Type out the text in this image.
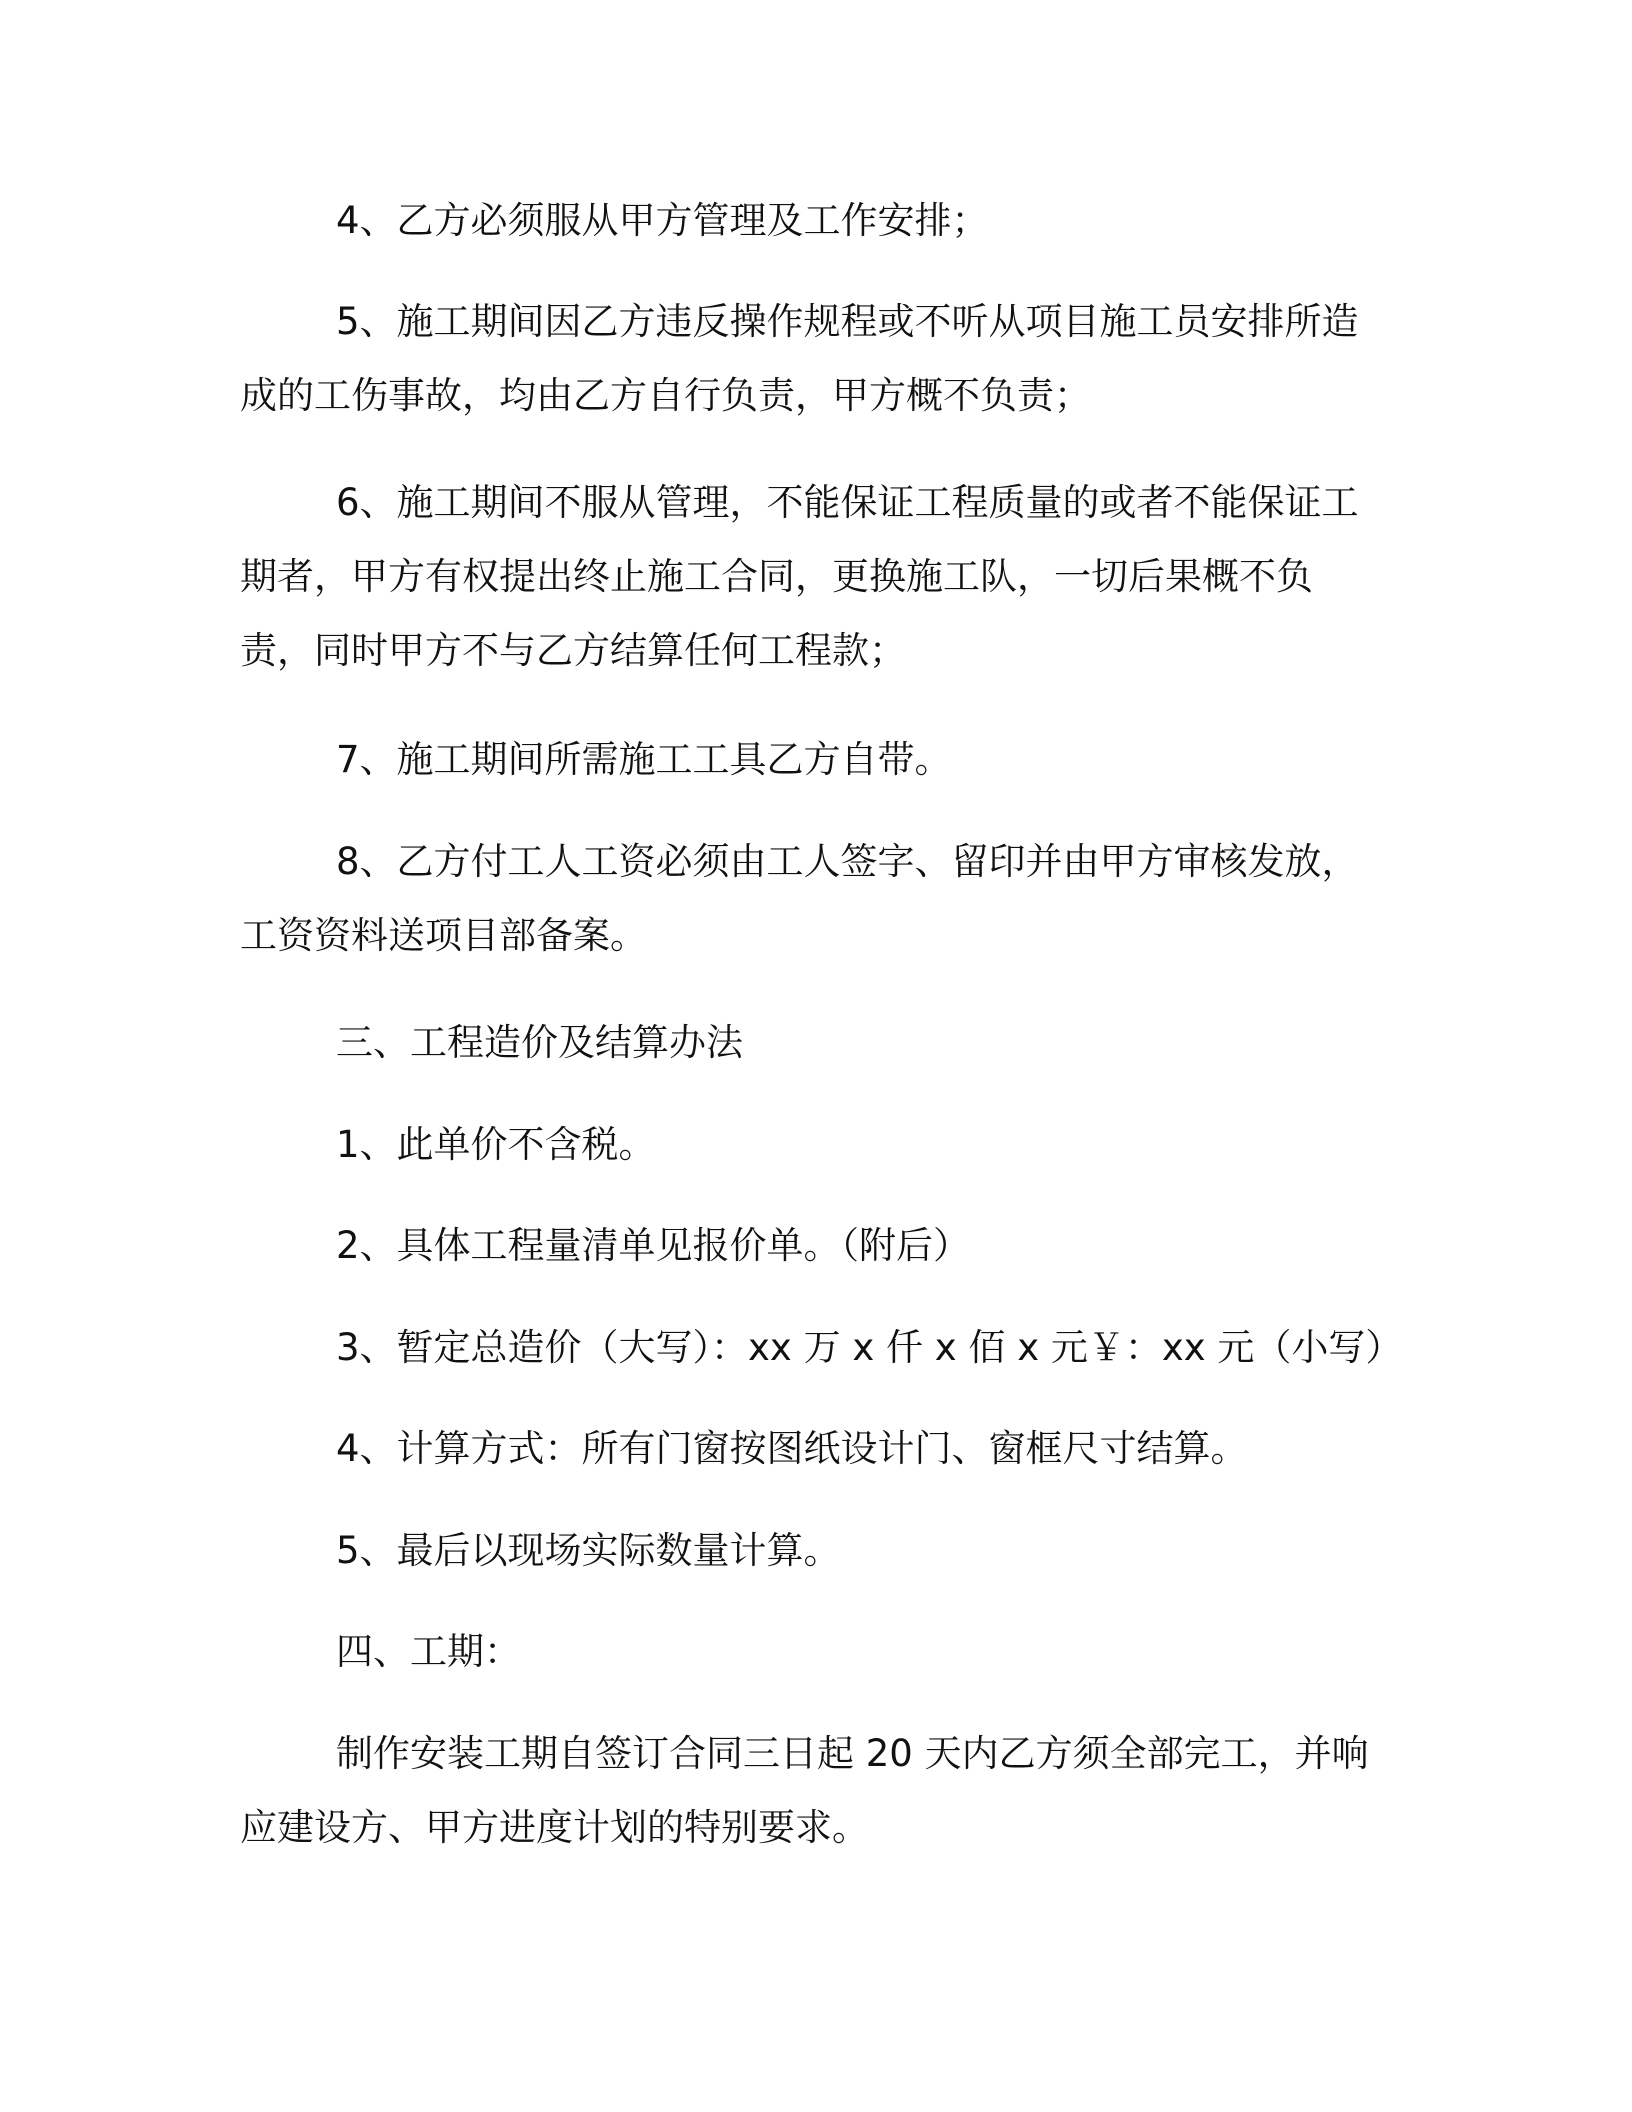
4、乙方必须服从甲方管理及工作安排；

5、施工期间因乙方违反操作规程或不听从项目施工员安排所造成的工伤事故，均由乙方自行负责，甲方概不负责；

6、施工期间不服从管理，不能保证工程质量的或者不能保证工期者，甲方有权提出终止施工合同，更换施工队，一切后果概不负责，同时甲方不与乙方结算任何工程款；

7、施工期间所需施工工具乙方自带。

8、乙方付工人工资必须由工人签字、留印并由甲方审核发放，工资资料送项目部备案。

三、工程造价及结算办法

1、此单价不含税。

2、具体工程量清单见报价单。（附后）

3、暂定总造价（大写）：xx 万 x 仟 x 佰 x 元￥：xx 元（小写）

4、计算方式：所有门窗按图纸设计门、窗框尺寸结算。

5、最后以现场实际数量计算。

四、工期：

制作安装工期自签订合同三日起 20 天内乙方须全部完工，并响应建设方、甲方进度计划的特别要求。
